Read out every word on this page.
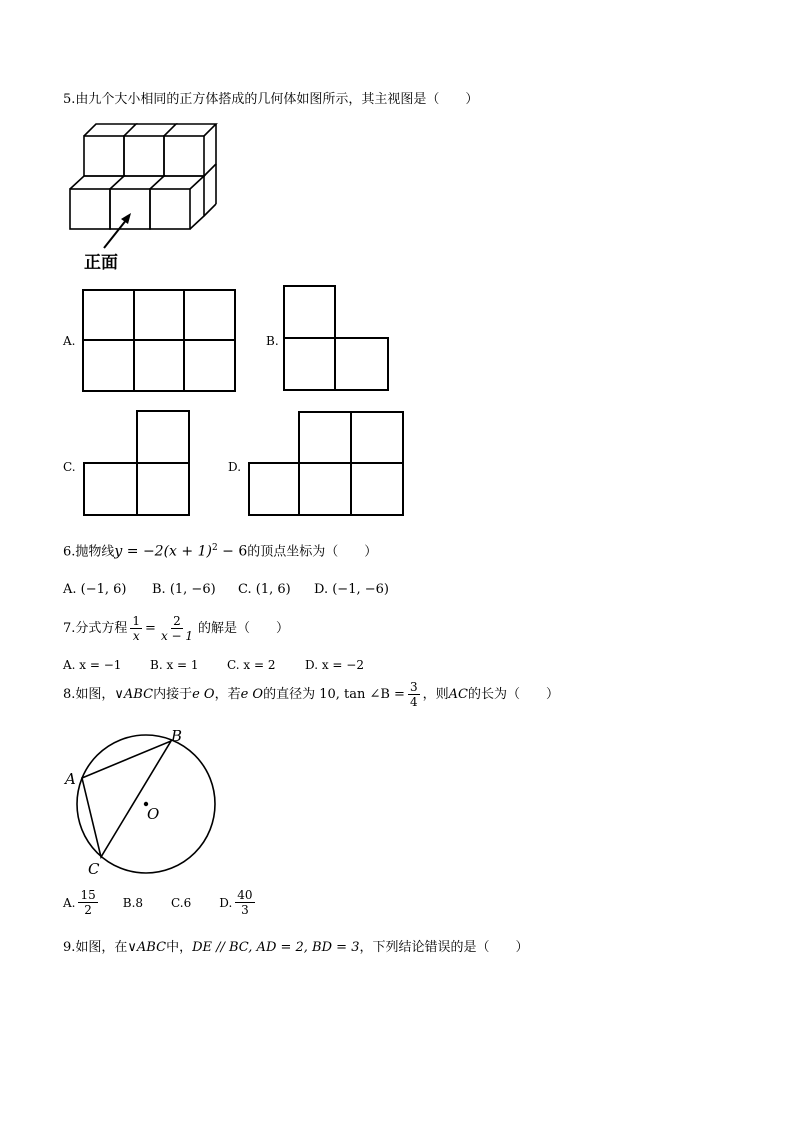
5.由九个大小相同的正方体搭成的几何体如图所示，其主视图是（　　）
正面
A.	B.
C.	D.
6.抛物线$y = -2(x + 1)^2 - 6$的顶点坐标为（　　）
A. (−1, 6) B. (1, −6) C. (1, 6) D. (−1, −6)
7.分式方程 $\frac{1}{x} = \frac{2}{x - 1}$ 的解是（　　）
A. x = −1 B. x = 1 C. x = 2 D. x = −2
8.如图， ∨ABC 内接于 e O ，若 e O 的直径为 10, tan ∠B = $\frac{3}{4}$ ，则 AC 的长为（　　）
B
A
C
O
A. $\frac{15}{2} B.8$ C.6 D. $\frac{40}{3}$
9.如图，在∨ABC中，DE // BC, AD = 2, BD = 3，下列结论错误的是（　　）
